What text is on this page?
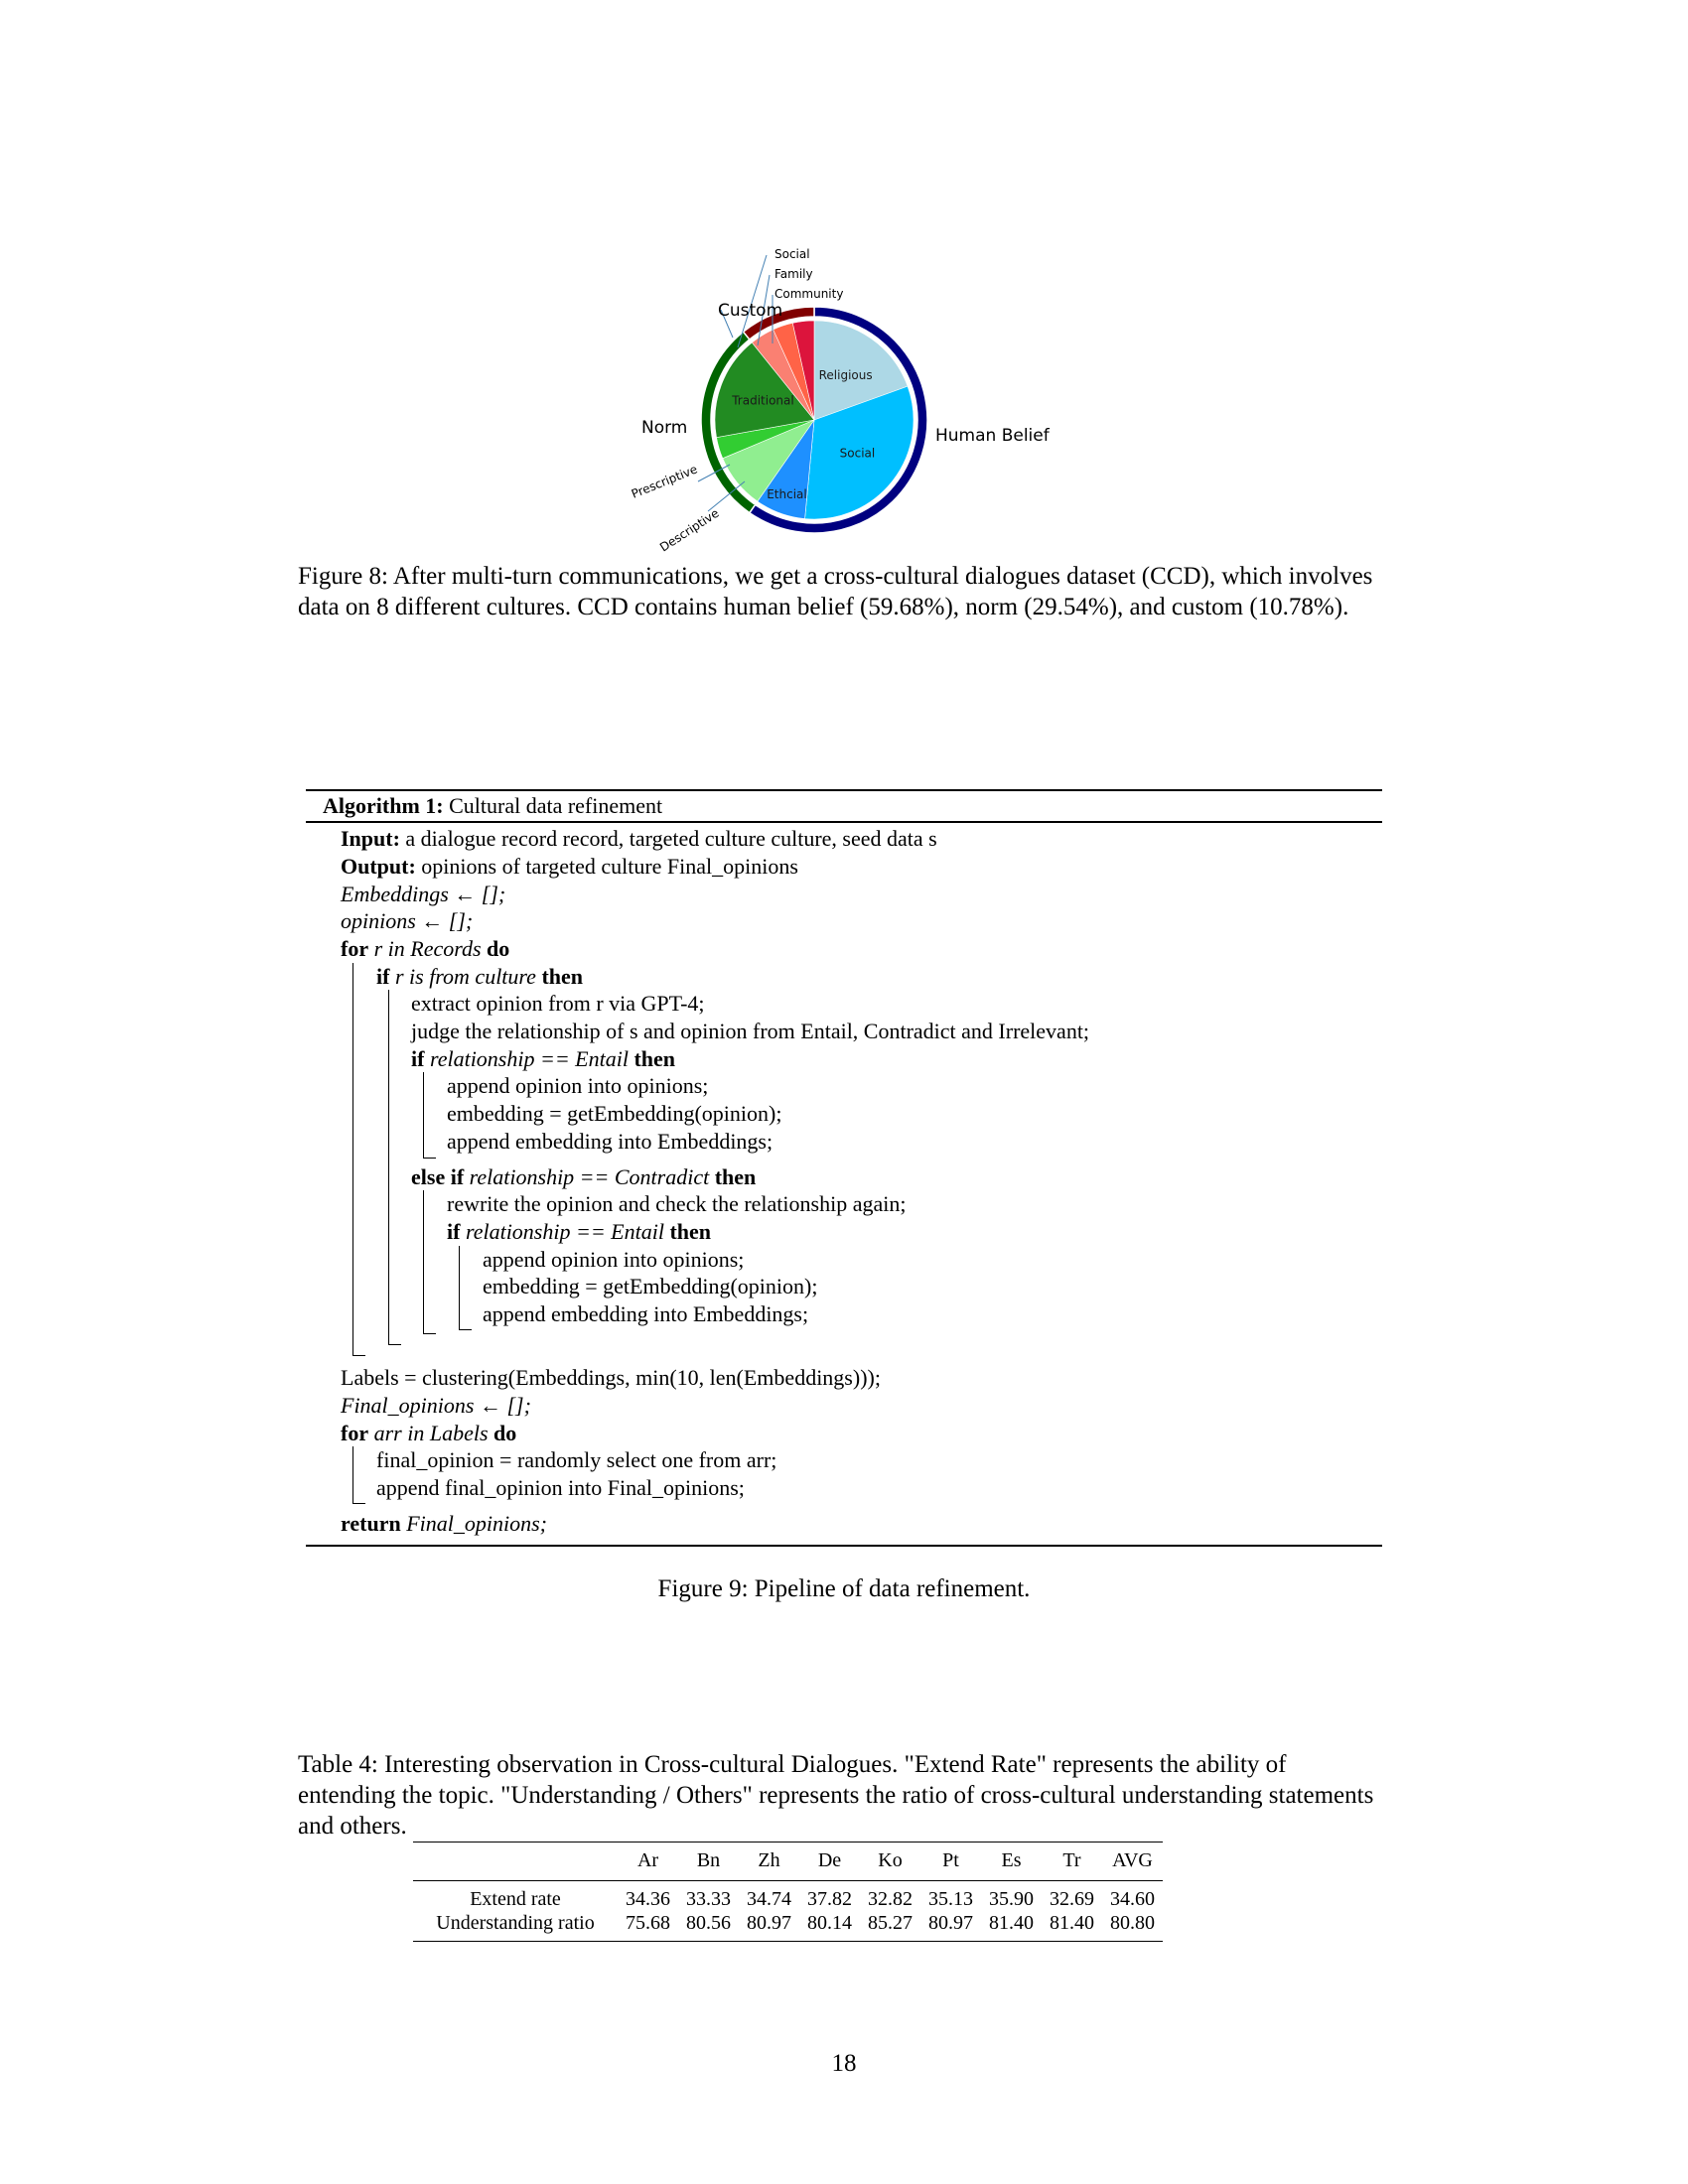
Religious
Social
Ethcial
Traditional
Human Belief
Norm
Custom
Social
Family
Community
Prescriptive
Descriptive
Figure 8: After multi-turn communications, we get a cross-cultural dialogues dataset (CCD), which involves data on 8 different cultures. CCD contains human belief (59.68%), norm (29.54%), and custom (10.78%).
Algorithm 1: Cultural data refinement
Input: a dialogue record record, targeted culture culture, seed data s
Output: opinions of targeted culture Final_opinions
Embeddings ← [];
opinions ← [];
for r in Records do
if r is from culture then
extract opinion from r via GPT-4;
judge the relationship of s and opinion from Entail, Contradict and Irrelevant;
if relationship == Entail then
append opinion into opinions;
embedding = getEmbedding(opinion);
append embedding into Embeddings;
else if relationship == Contradict then
rewrite the opinion and check the relationship again;
if relationship == Entail then
append opinion into opinions;
embedding = getEmbedding(opinion);
append embedding into Embeddings;
Labels = clustering(Embeddings, min(10, len(Embeddings)));
Final_opinions ← [];
for arr in Labels do
final_opinion = randomly select one from arr;
append final_opinion into Final_opinions;
return Final_opinions;
Figure 9: Pipeline of data refinement.
Table 4: Interesting observation in Cross-cultural Dialogues. "Extend Rate" represents the ability of entending the topic. "Understanding / Others" represents the ratio of cross-cultural understanding statements and others.
	Ar	Bn	Zh	De	Ko	Pt	Es	Tr	AVG
Extend rate	34.36	33.33	34.74	37.82	32.82	35.13	35.90	32.69	34.60
Understanding ratio	75.68	80.56	80.97	80.14	85.27	80.97	81.40	81.40	80.80
18
